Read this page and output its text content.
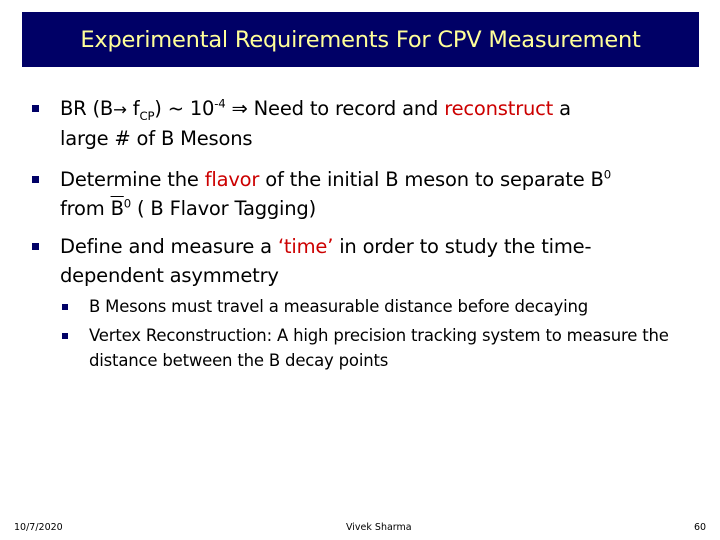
Experimental Requirements For CPV Measurement
BR $(B\to f_{CP})$ ~ $10^{-4}$ ⇒ Need to record and reconstruct a
large # of B Mesons
Determine the flavor of the initial B meson to separate $B^0$
from $\overline{B}^0$ ( B Flavor Tagging)
Define and measure a ‘time’ in order to study the time-
dependent asymmetry
B Mesons must travel a measurable distance before decaying
Vertex Reconstruction: A high precision tracking system to measure the distance between the B decay points
10/7/2020	Vivek Sharma	60
